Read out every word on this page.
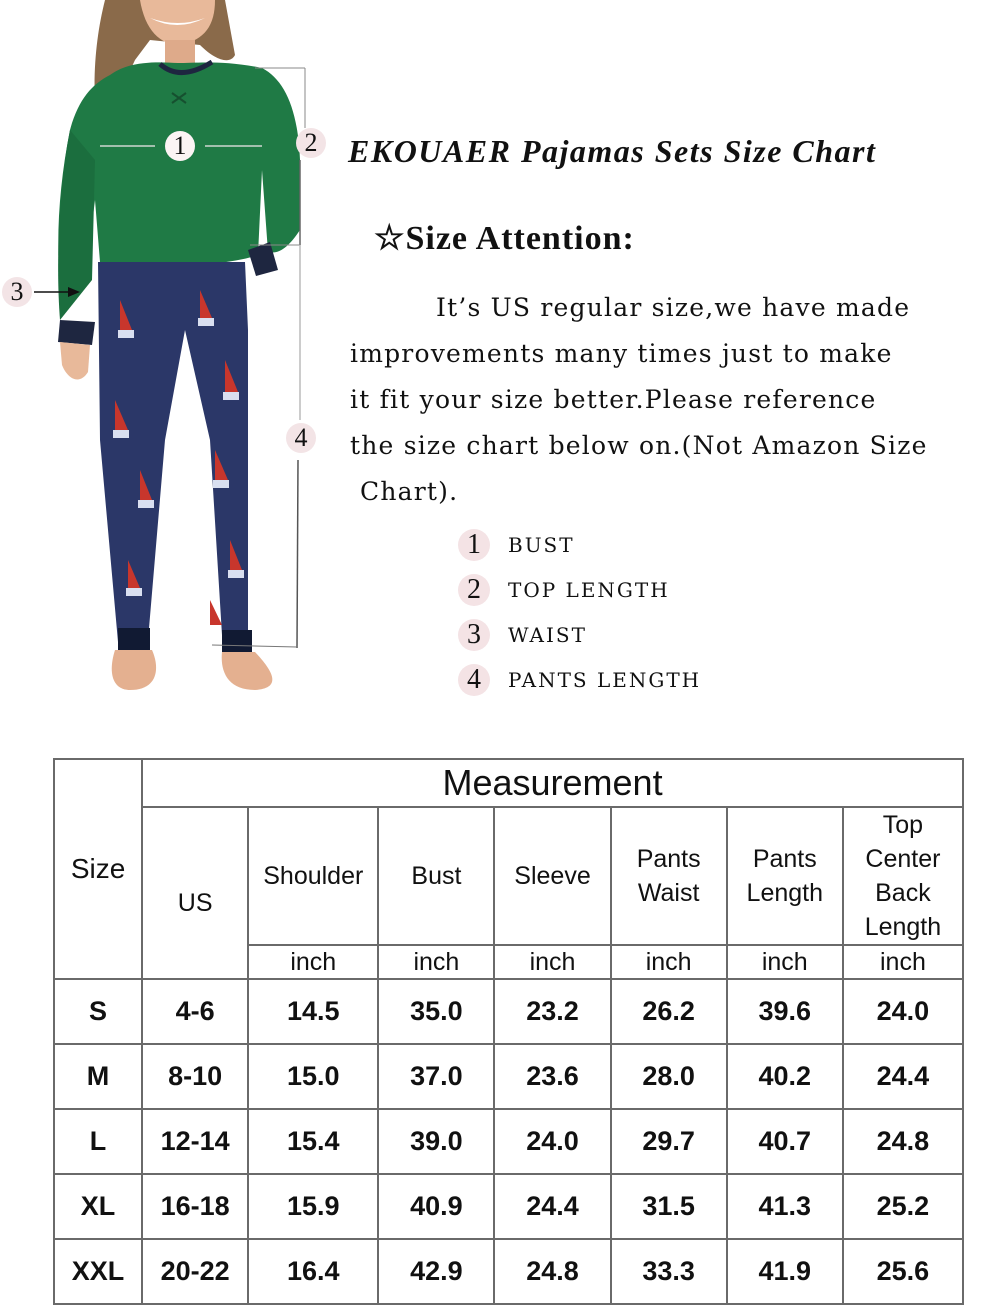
1	2
3
4
EKOUAER Pajamas Sets Size Chart
☆Size Attention:
It’s US regular size,we have made
improvements many times just to make
it fit your size better.Please reference
the size chart below on.(Not Amazon Size
Chart).
1	BUST
2	TOP LENGTH
3	WAIST
4	PANTS LENGTH
Size	Measurement						
	US	Shoulder	Bust	Sleeve	Pants Waist	Pants Length	Top Center Back Length
		inch	inch	inch	inch	inch	inch
S	4-6	14.5	35.0	23.2	26.2	39.6	24.0
M	8-10	15.0	37.0	23.6	28.0	40.2	24.4
L	12-14	15.4	39.0	24.0	29.7	40.7	24.8
XL	16-18	15.9	40.9	24.4	31.5	41.3	25.2
XXL	20-22	16.4	42.9	24.8	33.3	41.9	25.6
